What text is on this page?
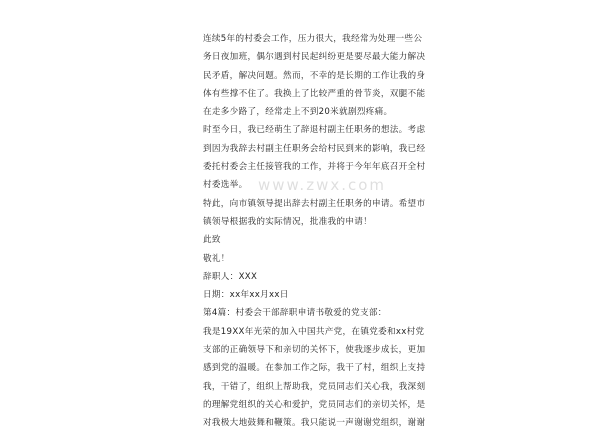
连续5年的村委会工作，压力很大，我经常为处理一些公
务日夜加班，偶尔遇到村民起纠纷更是要尽最大能力解决
民矛盾，解决问题。然而，不幸的是长期的工作让我的身
体有些撑不住了。我换上了比较严重的骨节炎，双腿不能
在走多少路了，经常走上不到20米就剧烈疼痛。
时至今日，我已经萌生了辞退村副主任职务的想法。考虑
到因为我辞去村副主任职务会给村民到来的影响，我已经
委托村委会主任接管我的工作，并将于今年年底召开全村
村委选举。
特此，向市镇领导提出辞去村副主任职务的申请。希望市
镇领导根据我的实际情况，批准我的申请！
此致
敬礼！
辞职人：XXX
日期：xx年xx月xx日
第4篇：村委会干部辞职申请书敬爱的党支部：
我是19XX年光荣的加入中国共产党，在镇党委和xx村党
支部的正确领导下和亲切的关怀下，使我逐步成长，更加
感到党的温暖。在参加工作之际，我干了村，组织上支持
我，干错了，组织上帮助我，党员同志们关心我，我深刻
的理解党组织的关心和爱护，党员同志们的亲切关怀，是
对我极大地鼓舞和鞭策。我只能说一声谢谢党组织，谢谢
www.zwx.com
